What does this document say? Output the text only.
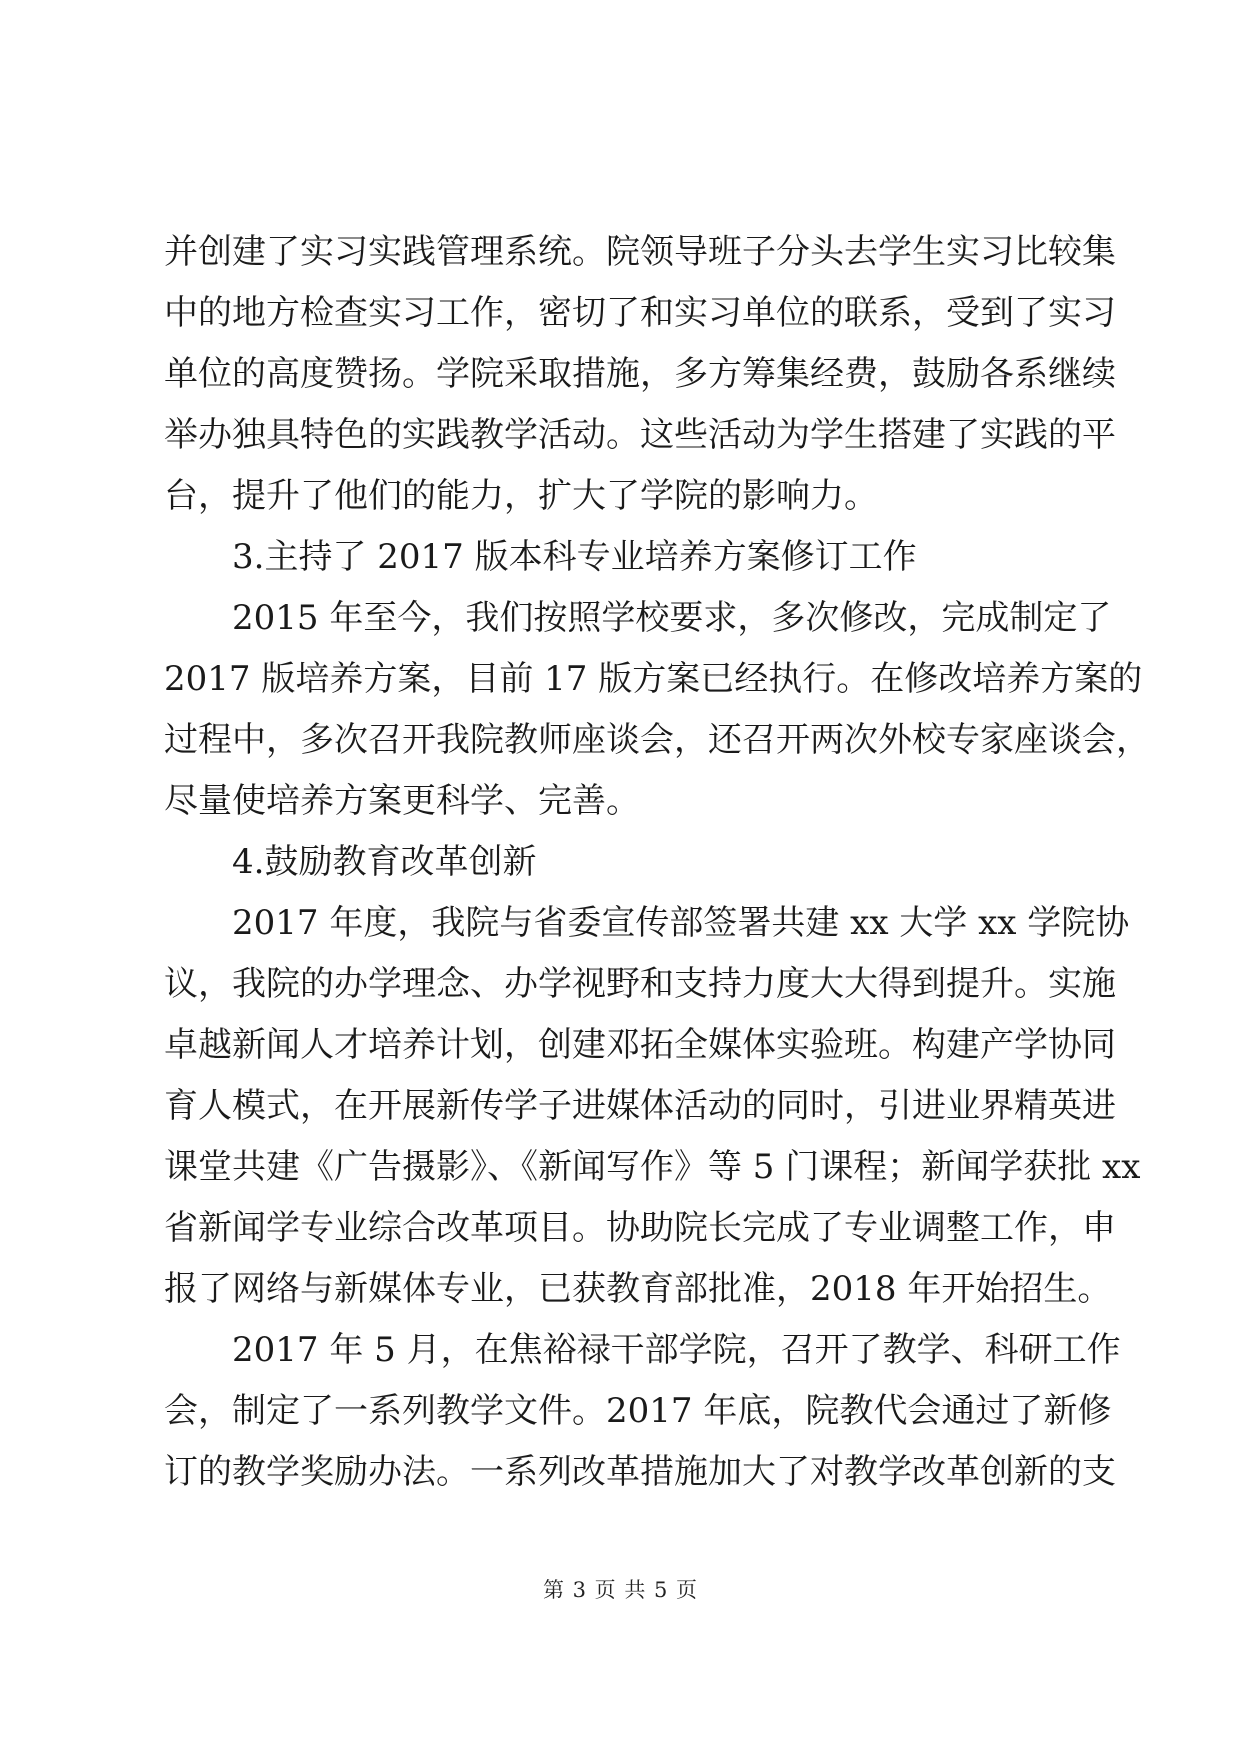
并创建了实习实践管理系统。院领导班子分头去学生实习比较集
中的地方检查实习工作，密切了和实习单位的联系，受到了实习
单位的高度赞扬。学院采取措施，多方筹集经费，鼓励各系继续
举办独具特色的实践教学活动。这些活动为学生搭建了实践的平
台，提升了他们的能力，扩大了学院的影响力。
3.主持了 2017 版本科专业培养方案修订工作
2015 年至今，我们按照学校要求，多次修改，完成制定了
2017 版培养方案，目前 17 版方案已经执行。在修改培养方案的
过程中，多次召开我院教师座谈会，还召开两次外校专家座谈会，
尽量使培养方案更科学、完善。
4.鼓励教育改革创新
2017 年度，我院与省委宣传部签署共建 xx 大学 xx 学院协
议，我院的办学理念、办学视野和支持力度大大得到提升。实施
卓越新闻人才培养计划，创建邓拓全媒体实验班。构建产学协同
育人模式，在开展新传学子进媒体活动的同时，引进业界精英进
课堂共建《广告摄影》、《新闻写作》等 5 门课程；新闻学获批 xx
省新闻学专业综合改革项目。协助院长完成了专业调整工作，申
报了网络与新媒体专业，已获教育部批准，2018 年开始招生。
2017 年 5 月，在焦裕禄干部学院，召开了教学、科研工作
会，制定了一系列教学文件。2017 年底，院教代会通过了新修
订的教学奖励办法。一系列改革措施加大了对教学改革创新的支
第 3 页 共 5 页
